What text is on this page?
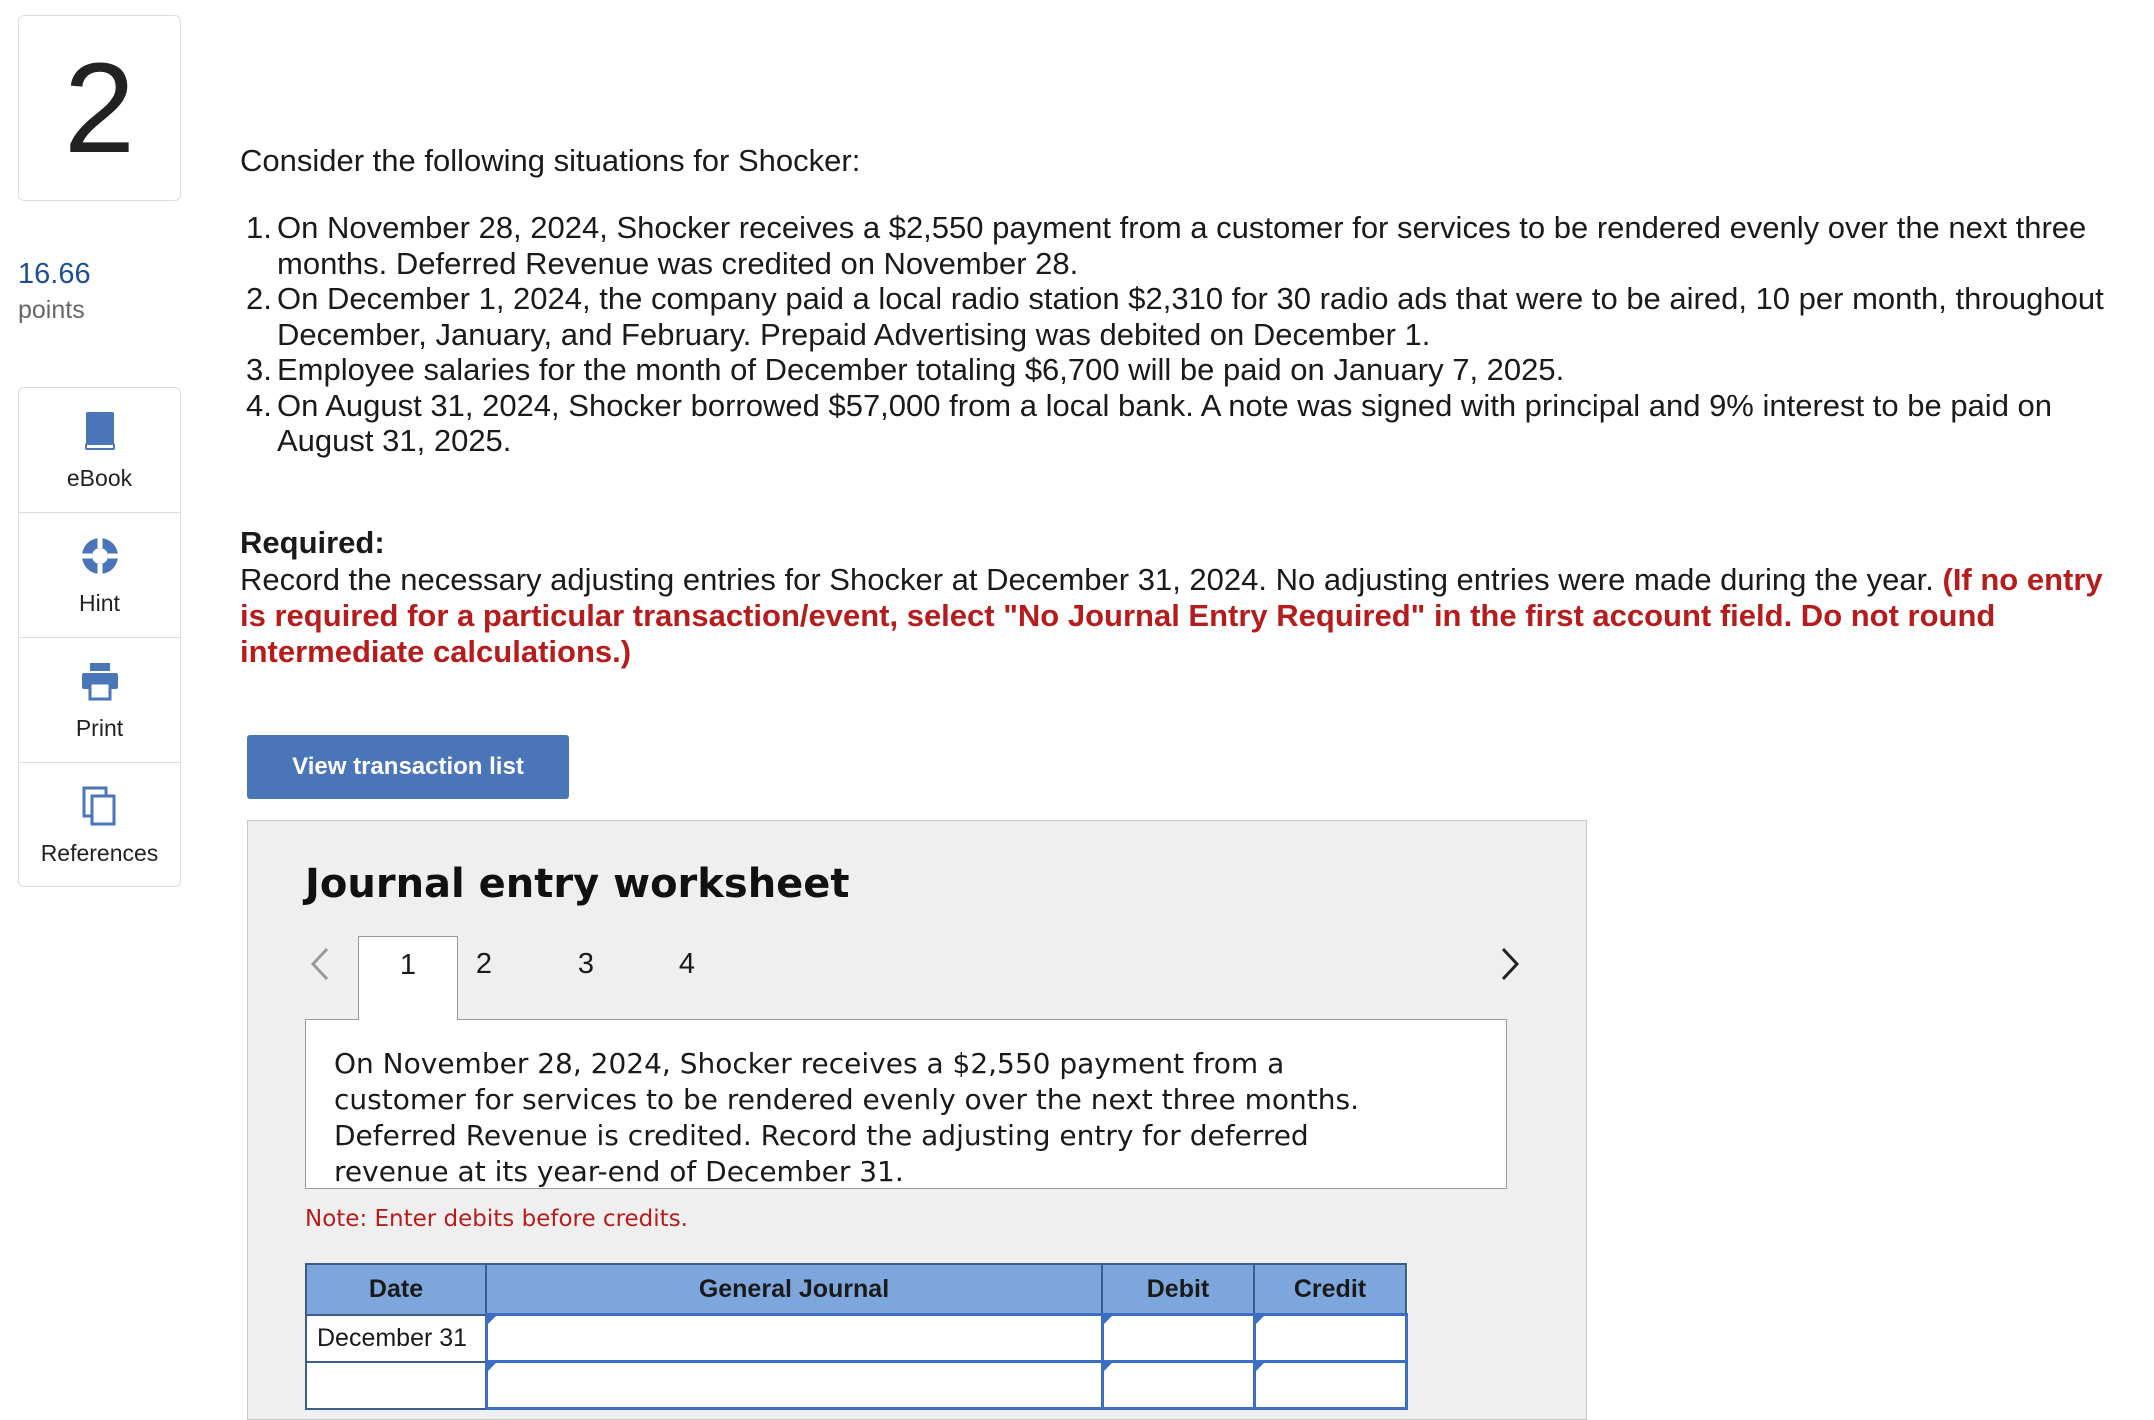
2
16.66
points
eBook
Hint
Print
References
Consider the following situations for Shocker:
1. On November 28, 2024, Shocker receives a $2,550 payment from a customer for services to be rendered evenly over the next three months. Deferred Revenue was credited on November 28.
2. On December 1, 2024, the company paid a local radio station $2,310 for 30 radio ads that were to be aired, 10 per month, throughout December, January, and February. Prepaid Advertising was debited on December 1.
3. Employee salaries for the month of December totaling $6,700 will be paid on January 7, 2025.
4. On August 31, 2024, Shocker borrowed $57,000 from a local bank. A note was signed with principal and 9% interest to be paid on August 31, 2025.
Required:
Record the necessary adjusting entries for Shocker at December 31, 2024. No adjusting entries were made during the year. (If no entry is required for a particular transaction/event, select "No Journal Entry Required" in the first account field. Do not round intermediate calculations.)
View transaction list
Journal entry worksheet
1	2	3	4

On November 28, 2024, Shocker receives a $2,550 payment from a customer for services to be rendered evenly over the next three months. Deferred Revenue is credited. Record the adjusting entry for deferred revenue at its year-end of December 31.

Note: Enter debits before credits.
Date	General Journal	Debit	Credit
December 31			
